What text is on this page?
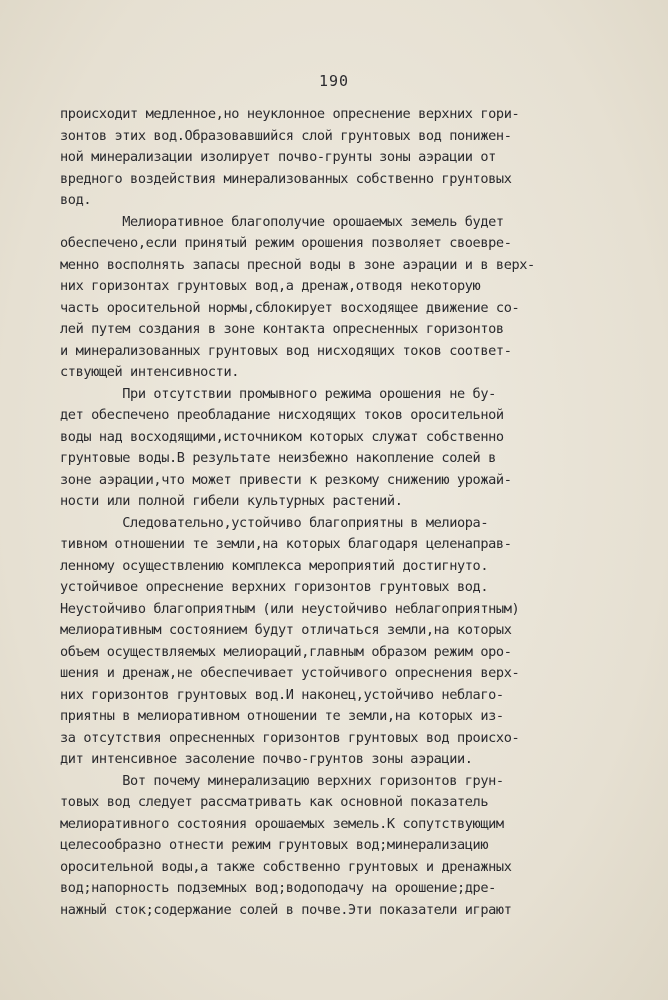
190
происходит медленное,но неуклонное опреснение верхних гори-
зонтов этих вод.Образовавшийся слой грунтовых вод понижен-
ной минерализации изолирует почво-грунты зоны аэрации от
вредного воздействия минерализованных собственно грунтовых
вод.
Мелиоративное благополучие орошаемых земель будет
обеспечено,если принятый режим орошения позволяет своевре-
менно восполнять запасы пресной воды в зоне аэрации и в верх-
них горизонтах грунтовых вод,а дренаж,отводя некоторую
часть оросительной нормы,сблокирует восходящее движение со-
лей путем создания в зоне контакта опресненных горизонтов
и минерализованных грунтовых вод нисходящих токов соответ-
ствующей интенсивности.
При отсутствии промывного режима орошения не бу-
дет обеспечено преобладание нисходящих токов оросительной
воды над восходящими,источником которых служат собственно
грунтовые воды.В результате неизбежно накопление солей в
зоне аэрации,что может привести к резкому снижению урожай-
ности или полной гибели культурных растений.
Следовательно,устойчиво благоприятны в мелиора-
тивном отношении те земли,на которых благодаря целенаправ-
ленному осуществлению комплекса мероприятий достигнуто.
устойчивое опреснение верхних горизонтов грунтовых вод.
Неустойчиво благоприятным (или неустойчиво неблагоприятным)
мелиоративным состоянием будут отличаться земли,на которых
объем осуществляемых мелиораций,главным образом режим оро-
шения и дренаж,не обеспечивает устойчивого опреснения верх-
них горизонтов грунтовых вод.И наконец,устойчиво неблаго-
приятны в мелиоративном отношении те земли,на которых из-
за отсутствия опресненных горизонтов грунтовых вод происхо-
дит интенсивное засоление почво-грунтов зоны аэрации.
Вот почему минерализацию верхних горизонтов грун-
товых вод следует рассматривать как основной показатель
мелиоративного состояния орошаемых земель.К сопутствующим
целесообразно отнести режим грунтовых вод;минерализацию
оросительной воды,а также собственно грунтовых и дренажных
вод;напорность подземных вод;водоподачу на орошение;дре-
нажный сток;содержание солей в почве.Эти показатели играют
